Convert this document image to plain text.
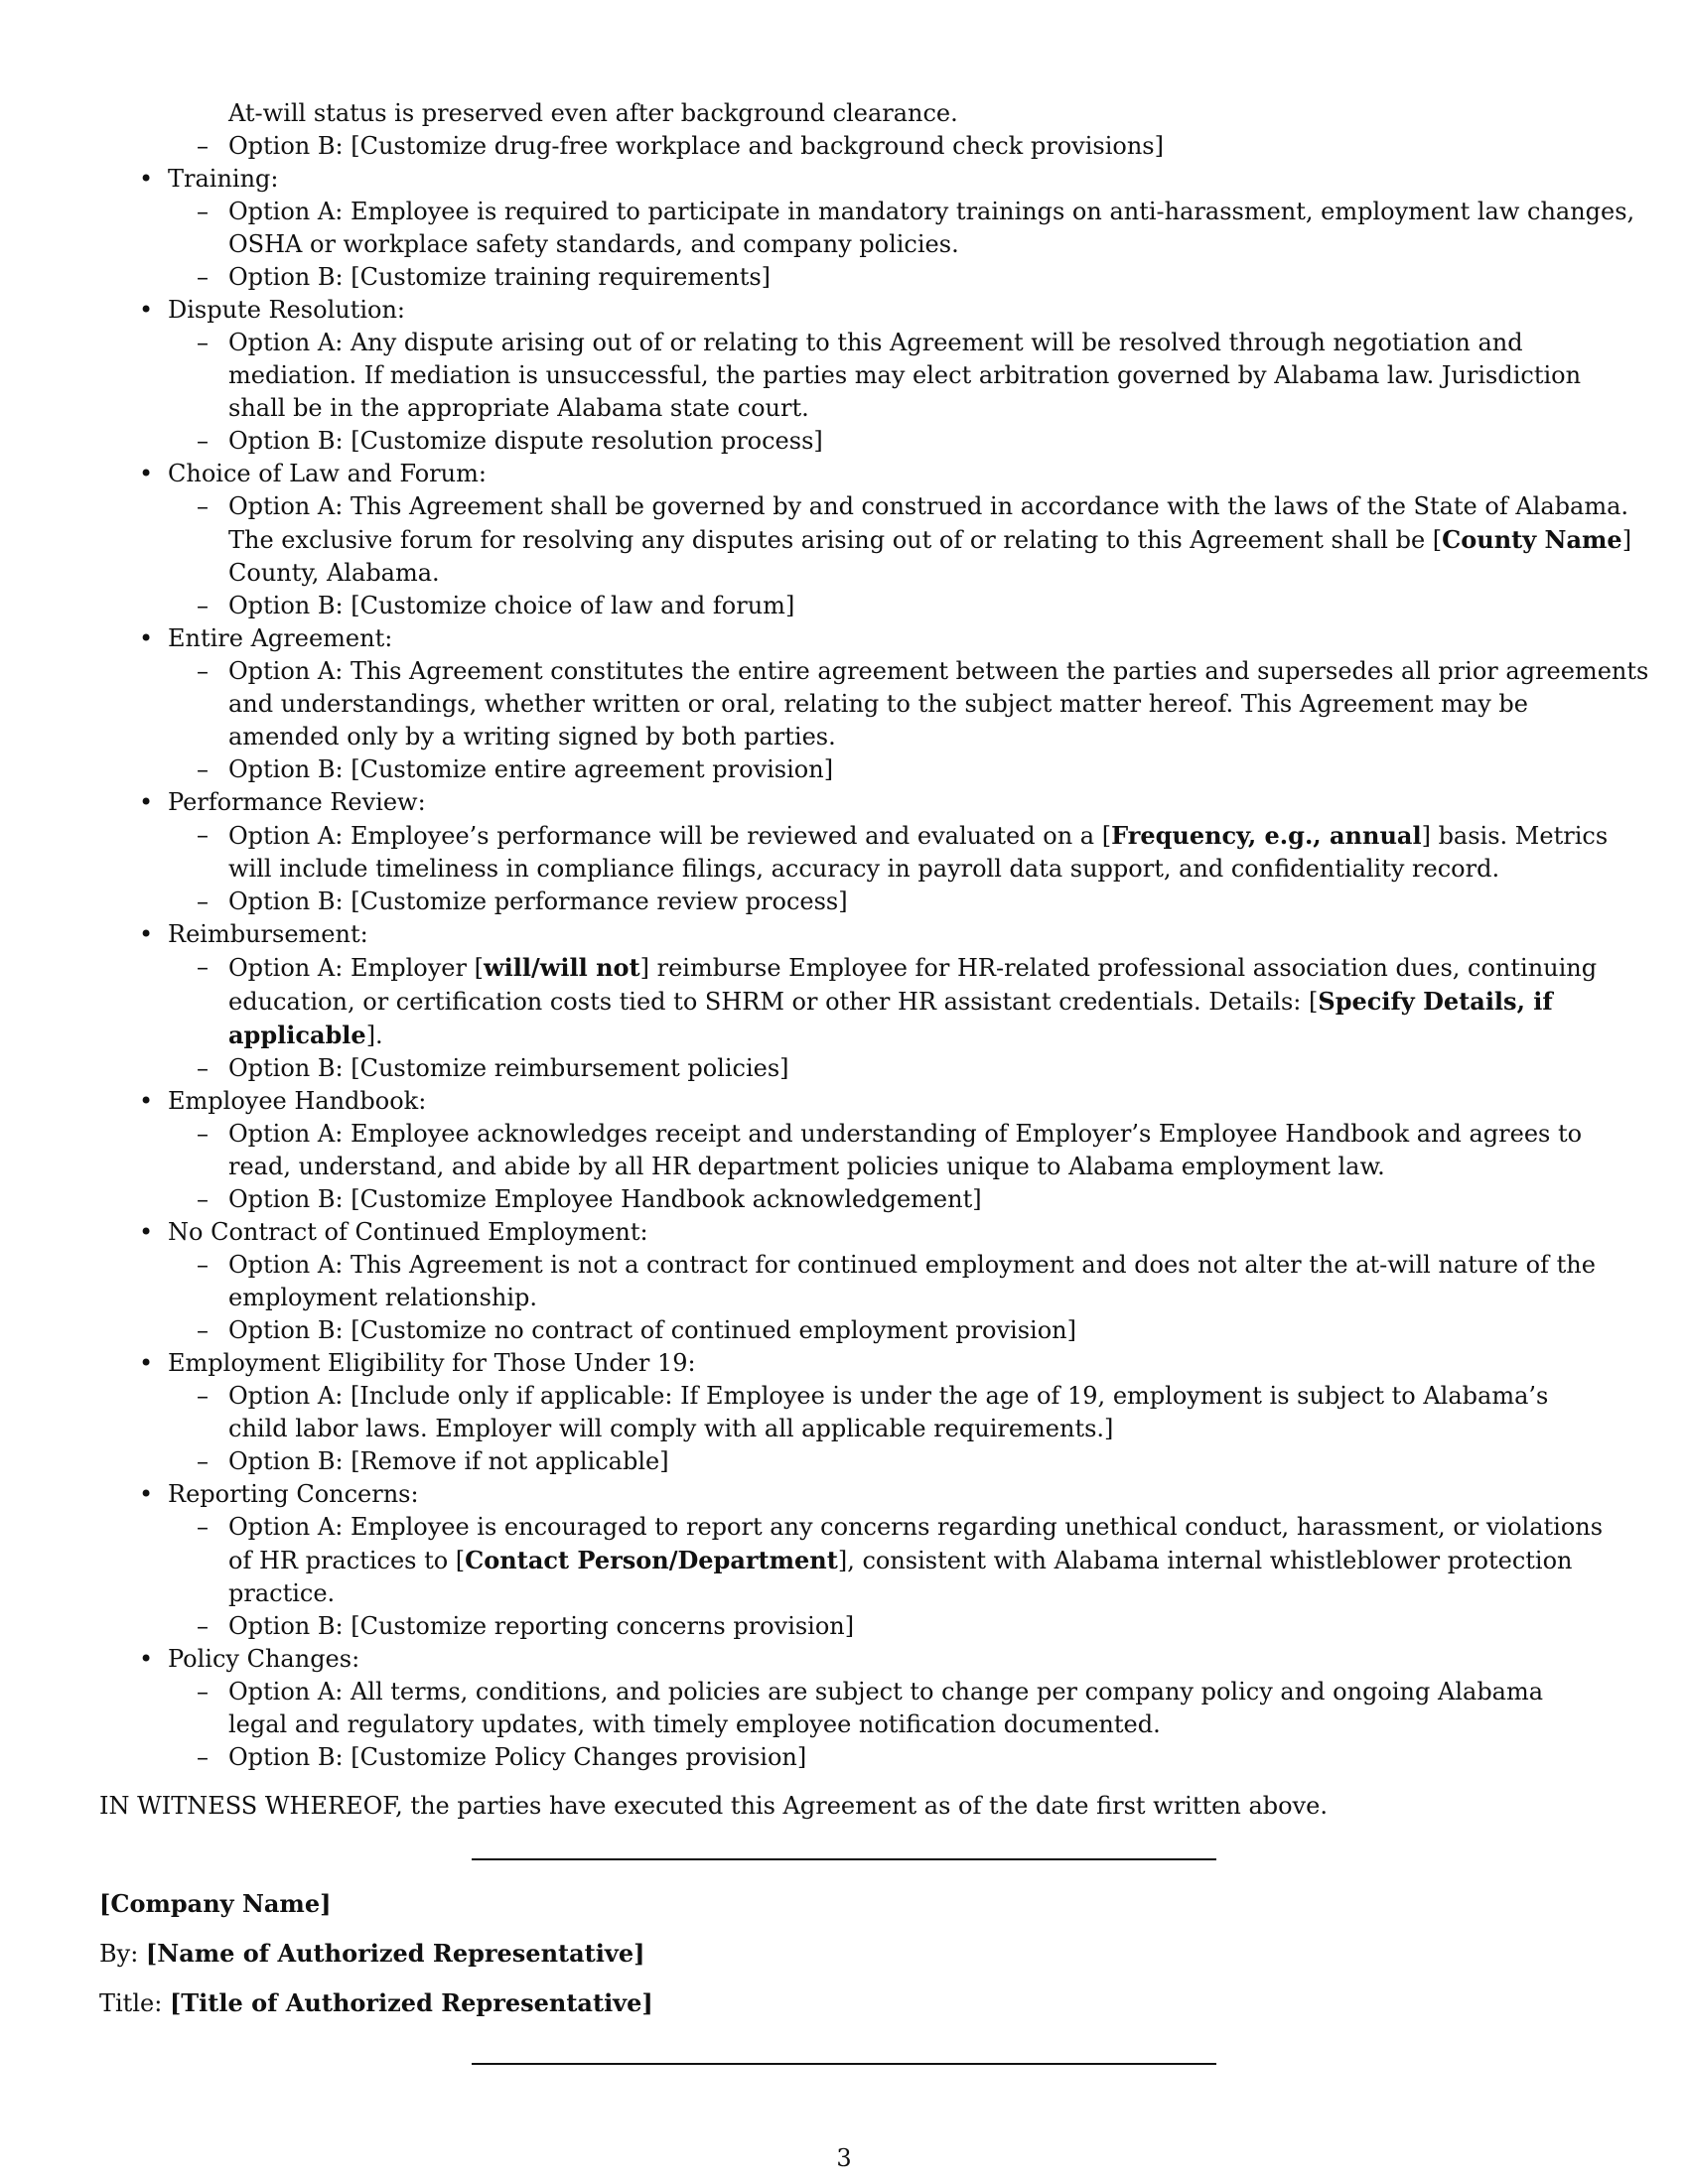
At-will status is preserved even after background clearance.
– Option B: [Customize drug-free workplace and background check provisions]
• Training:
– Option A: Employee is required to participate in mandatory trainings on anti-harassment, employment law changes,
OSHA or workplace safety standards, and company policies.
– Option B: [Customize training requirements]
• Dispute Resolution:
– Option A: Any dispute arising out of or relating to this Agreement will be resolved through negotiation and
mediation. If mediation is unsuccessful, the parties may elect arbitration governed by Alabama law. Jurisdiction
shall be in the appropriate Alabama state court.
– Option B: [Customize dispute resolution process]
• Choice of Law and Forum:
– Option A: This Agreement shall be governed by and construed in accordance with the laws of the State of Alabama.
The exclusive forum for resolving any disputes arising out of or relating to this Agreement shall be [County Name]
County, Alabama.
– Option B: [Customize choice of law and forum]
• Entire Agreement:
– Option A: This Agreement constitutes the entire agreement between the parties and supersedes all prior agreements
and understandings, whether written or oral, relating to the subject matter hereof. This Agreement may be
amended only by a writing signed by both parties.
– Option B: [Customize entire agreement provision]
• Performance Review:
– Option A: Employee’s performance will be reviewed and evaluated on a [Frequency, e.g., annual] basis. Metrics
will include timeliness in compliance filings, accuracy in payroll data support, and confidentiality record.
– Option B: [Customize performance review process]
• Reimbursement:
– Option A: Employer [will/will not] reimburse Employee for HR-related professional association dues, continuing
education, or certification costs tied to SHRM or other HR assistant credentials. Details: [Specify Details, if
applicable].
– Option B: [Customize reimbursement policies]
• Employee Handbook:
– Option A: Employee acknowledges receipt and understanding of Employer’s Employee Handbook and agrees to
read, understand, and abide by all HR department policies unique to Alabama employment law.
– Option B: [Customize Employee Handbook acknowledgement]
• No Contract of Continued Employment:
– Option A: This Agreement is not a contract for continued employment and does not alter the at-will nature of the
employment relationship.
– Option B: [Customize no contract of continued employment provision]
• Employment Eligibility for Those Under 19:
– Option A: [Include only if applicable: If Employee is under the age of 19, employment is subject to Alabama’s
child labor laws. Employer will comply with all applicable requirements.]
– Option B: [Remove if not applicable]
• Reporting Concerns:
– Option A: Employee is encouraged to report any concerns regarding unethical conduct, harassment, or violations
of HR practices to [Contact Person/Department], consistent with Alabama internal whistleblower protection
practice.
– Option B: [Customize reporting concerns provision]
• Policy Changes:
– Option A: All terms, conditions, and policies are subject to change per company policy and ongoing Alabama
legal and regulatory updates, with timely employee notification documented.
– Option B: [Customize Policy Changes provision]
IN WITNESS WHEREOF, the parties have executed this Agreement as of the date first written above.
[Company Name]
By: [Name of Authorized Representative]
Title: [Title of Authorized Representative]
3
